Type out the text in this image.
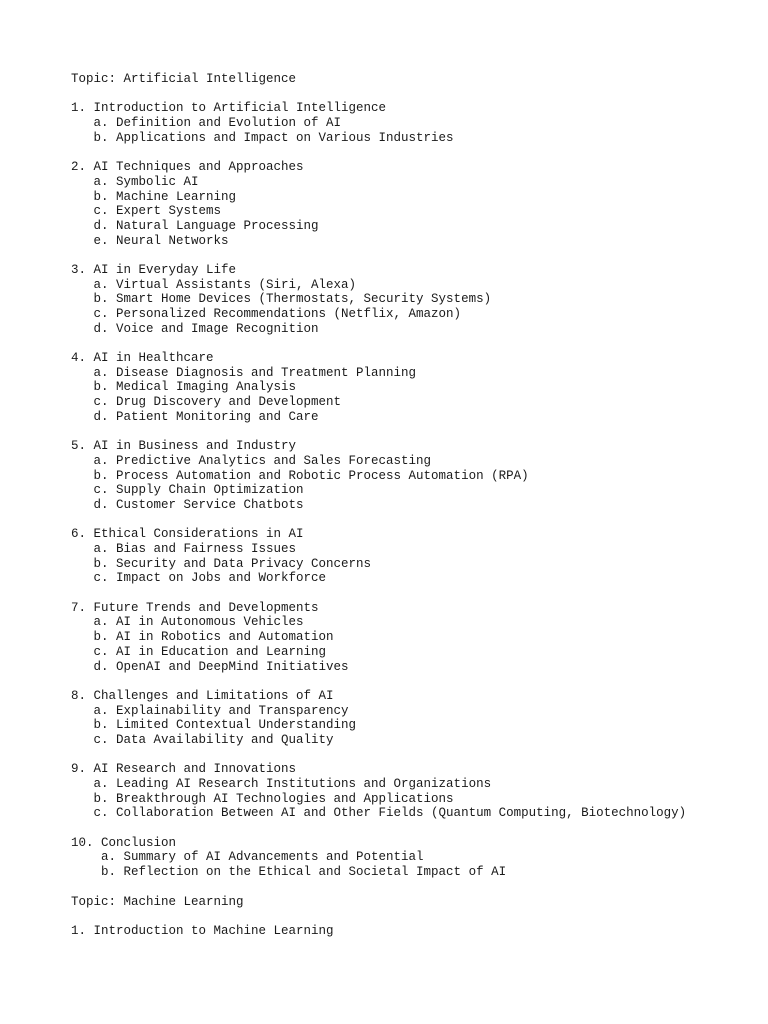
Topic: Artificial Intelligence

1. Introduction to Artificial Intelligence
a. Definition and Evolution of AI
b. Applications and Impact on Various Industries

2. AI Techniques and Approaches
a. Symbolic AI
b. Machine Learning
c. Expert Systems
d. Natural Language Processing
e. Neural Networks

3. AI in Everyday Life
a. Virtual Assistants (Siri, Alexa)
b. Smart Home Devices (Thermostats, Security Systems)
c. Personalized Recommendations (Netflix, Amazon)
d. Voice and Image Recognition

4. AI in Healthcare
a. Disease Diagnosis and Treatment Planning
b. Medical Imaging Analysis
c. Drug Discovery and Development
d. Patient Monitoring and Care

5. AI in Business and Industry
a. Predictive Analytics and Sales Forecasting
b. Process Automation and Robotic Process Automation (RPA)
c. Supply Chain Optimization
d. Customer Service Chatbots

6. Ethical Considerations in AI
a. Bias and Fairness Issues
b. Security and Data Privacy Concerns
c. Impact on Jobs and Workforce

7. Future Trends and Developments
a. AI in Autonomous Vehicles
b. AI in Robotics and Automation
c. AI in Education and Learning
d. OpenAI and DeepMind Initiatives

8. Challenges and Limitations of AI
a. Explainability and Transparency
b. Limited Contextual Understanding
c. Data Availability and Quality

9. AI Research and Innovations
a. Leading AI Research Institutions and Organizations
b. Breakthrough AI Technologies and Applications
c. Collaboration Between AI and Other Fields (Quantum Computing, Biotechnology)

10. Conclusion
a. Summary of AI Advancements and Potential
b. Reflection on the Ethical and Societal Impact of AI

Topic: Machine Learning

1. Introduction to Machine Learning
